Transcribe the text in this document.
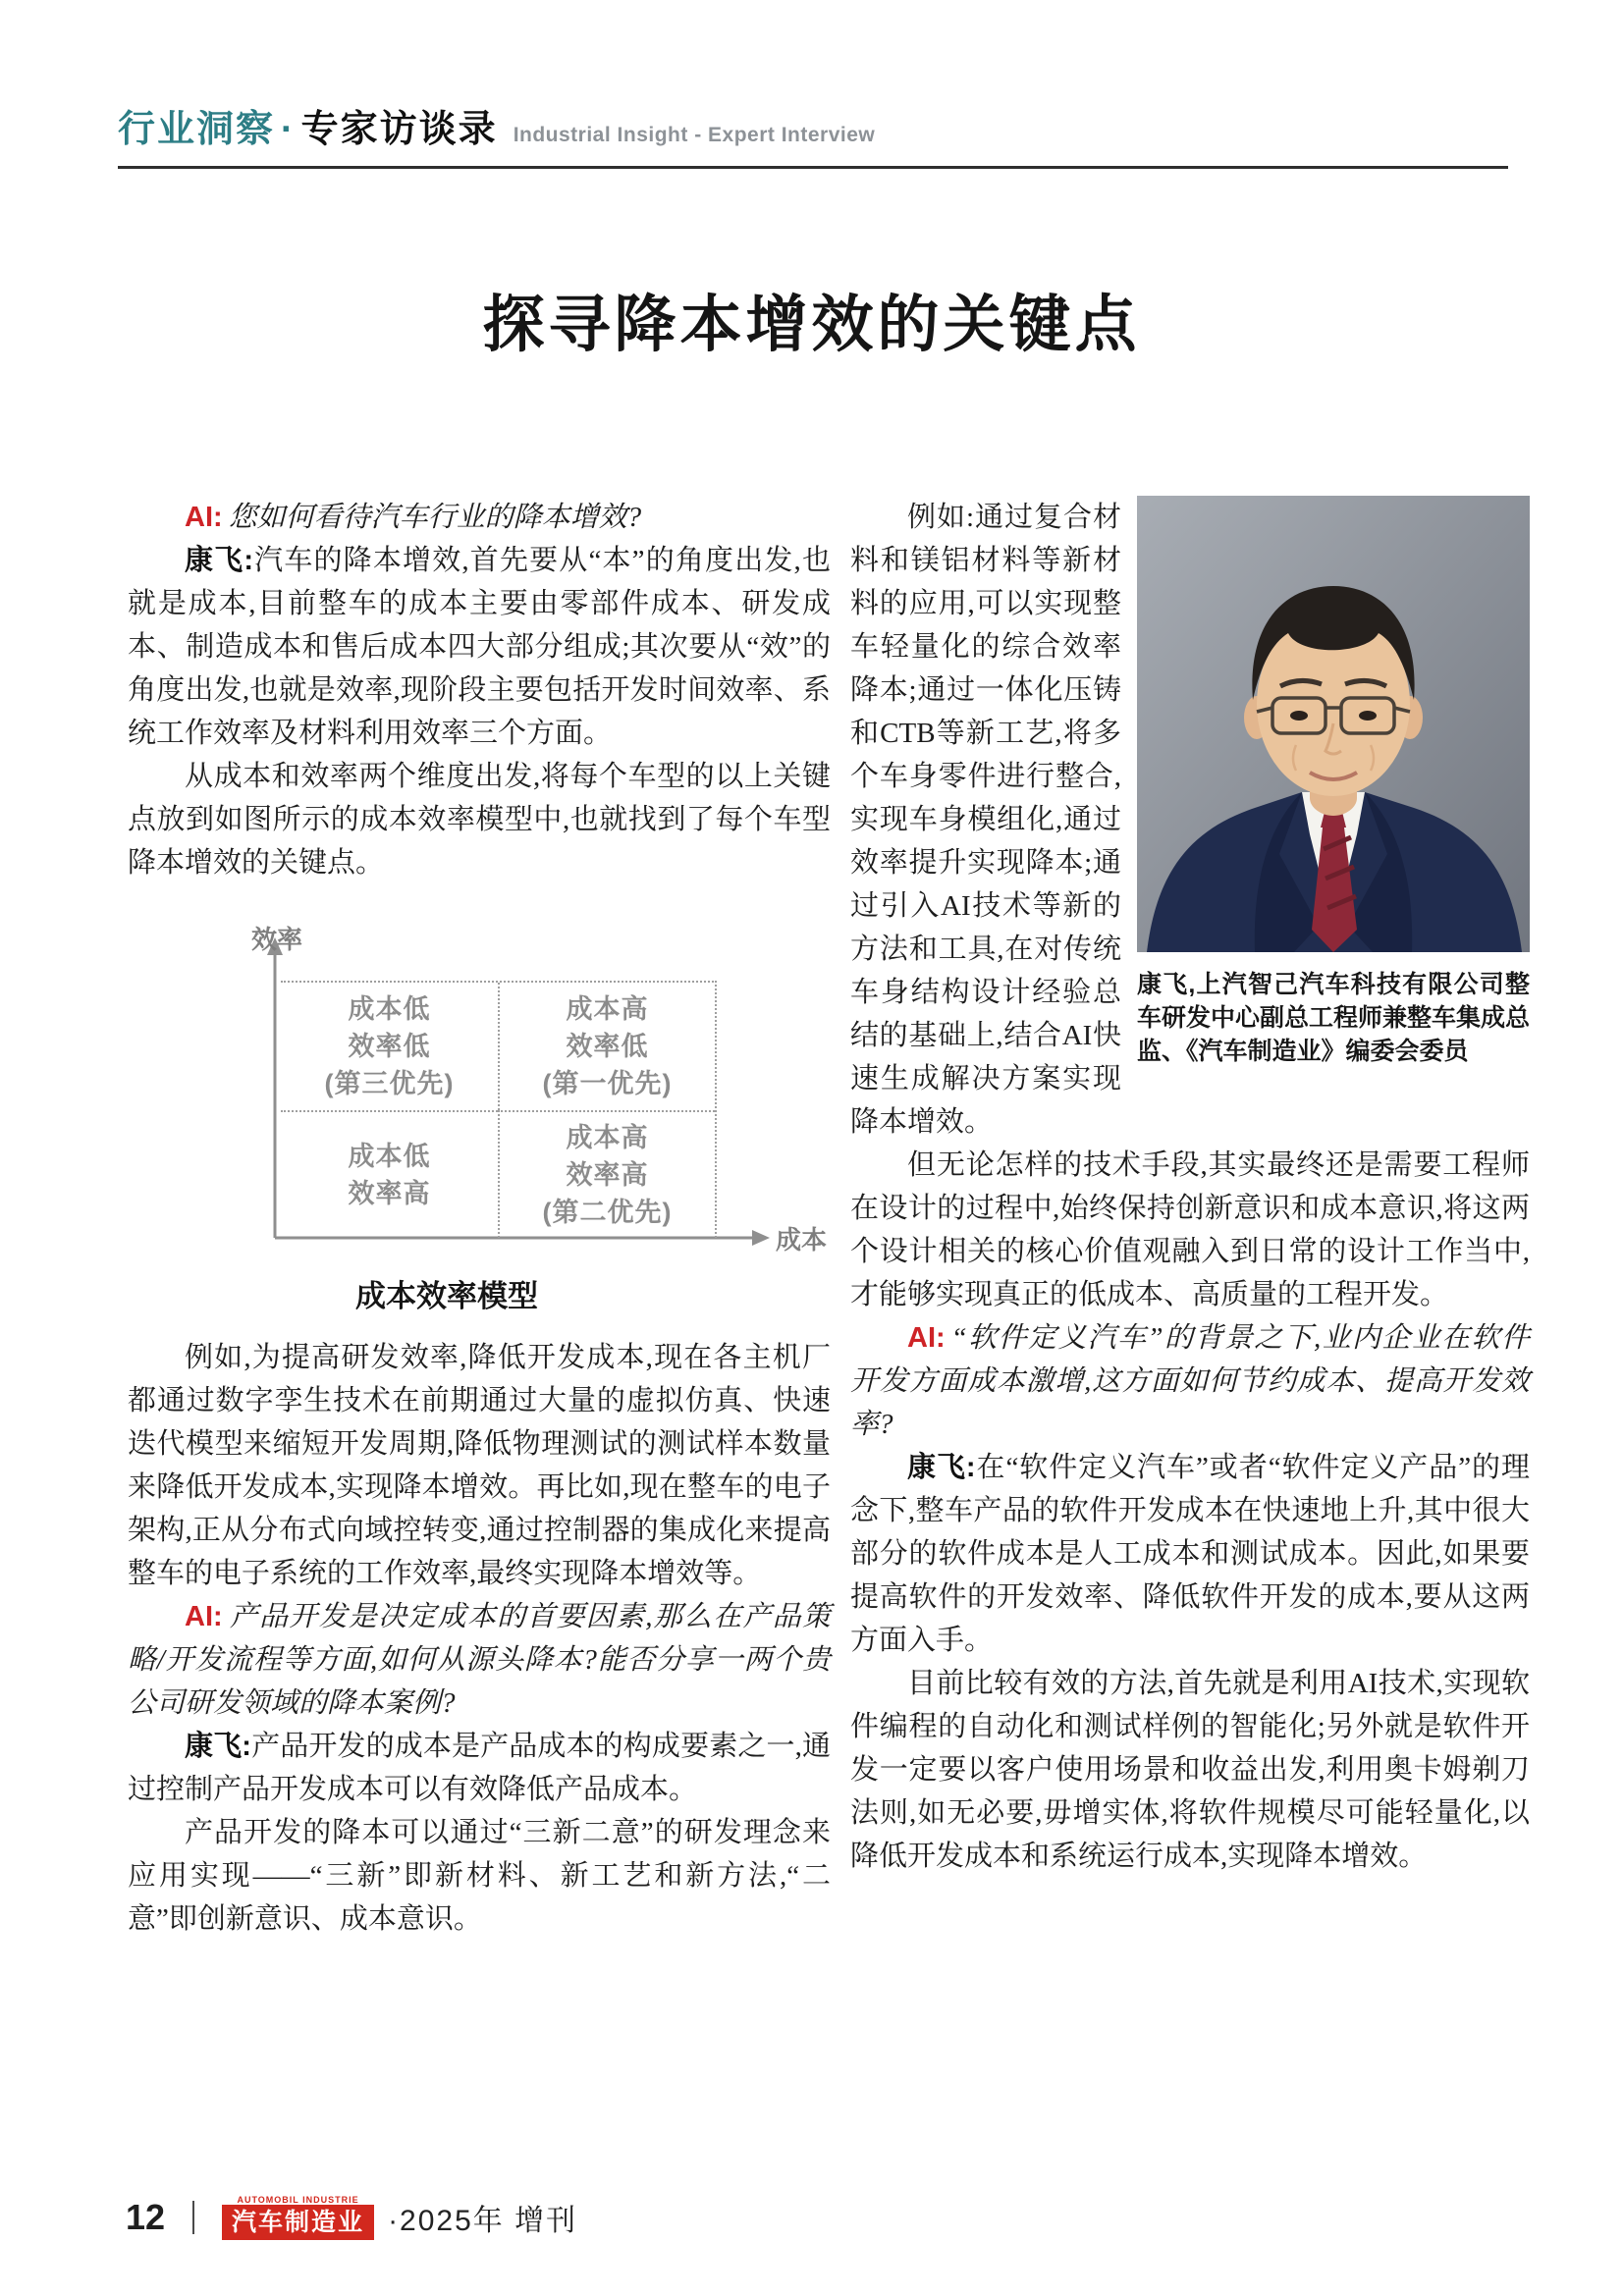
行业洞察 · 专家访谈录 Industrial Insight - Expert Interview
探寻降本增效的关键点

AI: 您如何看待汽车行业的降本增效?

康飞:汽车的降本增效,首先要从“本”的角度出发,也就是成本,目前整车的成本主要由零部件成本、研发成本、制造成本和售后成本四大部分组成;其次要从“效”的角度出发,也就是效率,现阶段主要包括开发时间效率、系统工作效率及材料利用效率三个方面。

从成本和效率两个维度出发,将每个车型的以上关键点放到如图所示的成本效率模型中,也就找到了每个车型降本增效的关键点。

效率
成本
成本低
效率低
(第三优先)
成本高
效率低
(第一优先)
成本低
效率高
成本高
效率高
(第二优先)
成本效率模型

例如,为提高研发效率,降低开发成本,现在各主机厂都通过数字孪生技术在前期通过大量的虚拟仿真、快速迭代模型来缩短开发周期,降低物理测试的测试样本数量来降低开发成本,实现降本增效。再比如,现在整车的电子架构,正从分布式向域控转变,通过控制器的集成化来提高整车的电子系统的工作效率,最终实现降本增效等。

AI: 产品开发是决定成本的首要因素,那么在产品策略/开发流程等方面,如何从源头降本?能否分享一两个贵公司研发领域的降本案例?

康飞:产品开发的成本是产品成本的构成要素之一,通过控制产品开发成本可以有效降低产品成本。

产品开发的降本可以通过“三新二意”的研发理念来应用实现——“三新”即新材料、新工艺和新方法,“二意”即创新意识、成本意识。

康飞,上汽智己汽车科技有限公司整车研发中心副总工程师兼整车集成总监、《汽车制造业》编委会委员

例如:通过复合材料和镁铝材料等新材料的应用,可以实现整车轻量化的综合效率降本;通过一体化压铸和CTB等新工艺,将多个车身零件进行整合,实现车身模组化,通过效率提升实现降本;通过引入AI技术等新的方法和工具,在对传统车身结构设计经验总结的基础上,结合AI快速生成解决方案实现降本增效。

但无论怎样的技术手段,其实最终还是需要工程师在设计的过程中,始终保持创新意识和成本意识,将这两个设计相关的核心价值观融入到日常的设计工作当中,才能够实现真正的低成本、高质量的工程开发。

AI: “软件定义汽车”的背景之下,业内企业在软件开发方面成本激增,这方面如何节约成本、提高开发效率?

康飞:在“软件定义汽车”或者“软件定义产品”的理念下,整车产品的软件开发成本在快速地上升,其中很大部分的软件成本是人工成本和测试成本。因此,如果要提高软件的开发效率、降低软件开发的成本,要从这两方面入手。

目前比较有效的方法,首先就是利用AI技术,实现软件编程的自动化和测试样例的智能化;另外就是软件开发一定要以客户使用场景和收益出发,利用奥卡姆剃刀法则,如无必要,毋增实体,将软件规模尽可能轻量化,以降低开发成本和系统运行成本,实现降本增效。

12	AUTOMOBIL INDUSTRIE
汽车制造业 ·2025年 增刊
